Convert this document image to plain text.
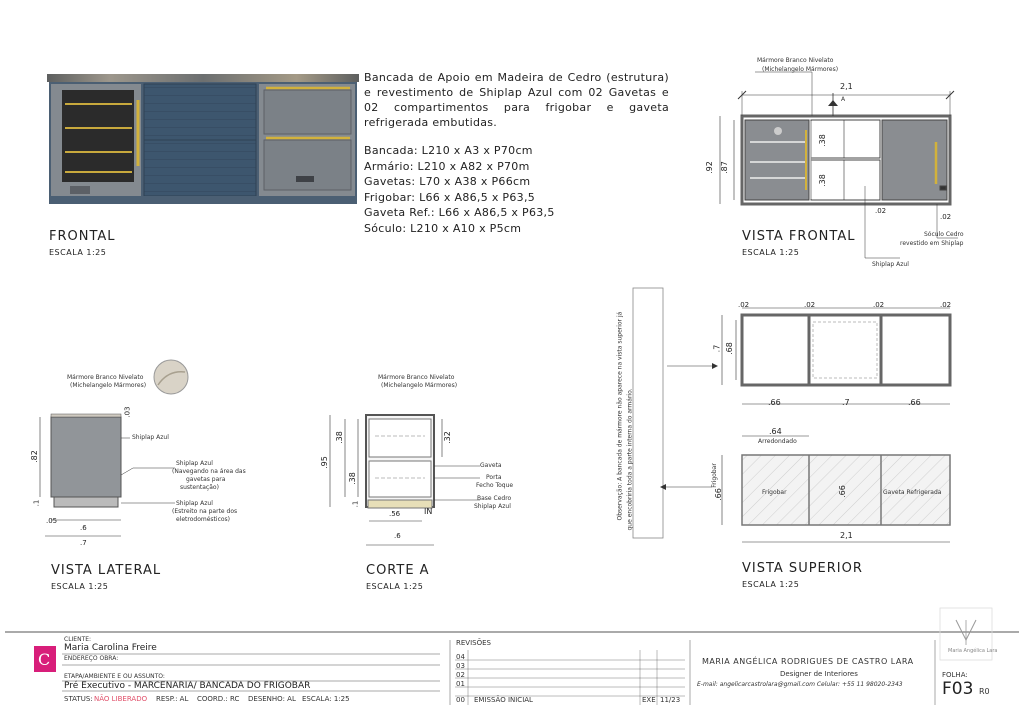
Bancada de Apoio em Madeira de Cedro (estrutura) e revestimento de Shiplap Azul com 02 Gavetas e 02 compartimentos para frigobar e gaveta refrigerada embutidas.

Bancada: L210 x A3 x P70cm
Armário: L210 x A82 x P70m
Gavetas: L70 x A38 x P66cm
Frigobar: L66 x A86,5 x P63,5
Gaveta Ref.: L66 x A86,5 x P63,5
Sóculo: L210 x A10 x P5cm
FRONTAL
ESCALA 1:25
VISTA FRONTAL
ESCALA 1:25
VISTA LATERAL
ESCALA 1:25
CORTE A
ESCALA 1:25
VISTA SUPERIOR
ESCALA 1:25
Mármore Branco Nivelato
(Michelangelo Mármores)
2,1
A
.92 .87
.38
.38
.02
.02
Sóculo Cedro
revestido em Shiplap
Shiplap Azul
Mármore Branco Nivelato
(Michelangelo Mármores)
.03
.82
.1
.05
.6
.7
Shiplap Azul
Shiplap Azul
(Navegando na área das
gavetas para
sustentação)
Shiplap Azul
(Estreito na parte dos
eletrodomésticos)
Mármore Branco Nivelato
(Michelangelo Mármores)
.95
.38
.38
.32
.1
.56
.6
IN
Gaveta
Porta
Fecho Toque
Base Cedro
Shiplap Azul
.02	.02	.02	.02
.7 .68
.66	.7	.66
.64
Arredondado
Frigobar
.66	Frigobar	.66	Gaveta Refrigerada
2,1
Observação: A bancada de mármore não aparece na vista superior já que encobriria toda a parte interna do armário.
C
CLIENTE:
Maria Carolina Freire
ENDEREÇO OBRA:
ETAPA/AMBIENTE E OU ASSUNTO:
Pré Executivo - MARCENARIA/ BANCADA DO FRIGOBAR
STATUS: NÃO LIBERADO RESP.: AL COORD.: RC DESENHO: AL ESCALA: 1:25
REVISÕES
04
03
02
01
00 EMISSÃO INICIAL	EXE 11/23
MARIA ANGÉLICA RODRIGUES DE CASTRO LARA
Designer de Interiores
E-mail: angelicarcastrolara@gmail.com Celular: +55 11 98020-2343
Maria Angélica Lara
FOLHA:
F03 R0
